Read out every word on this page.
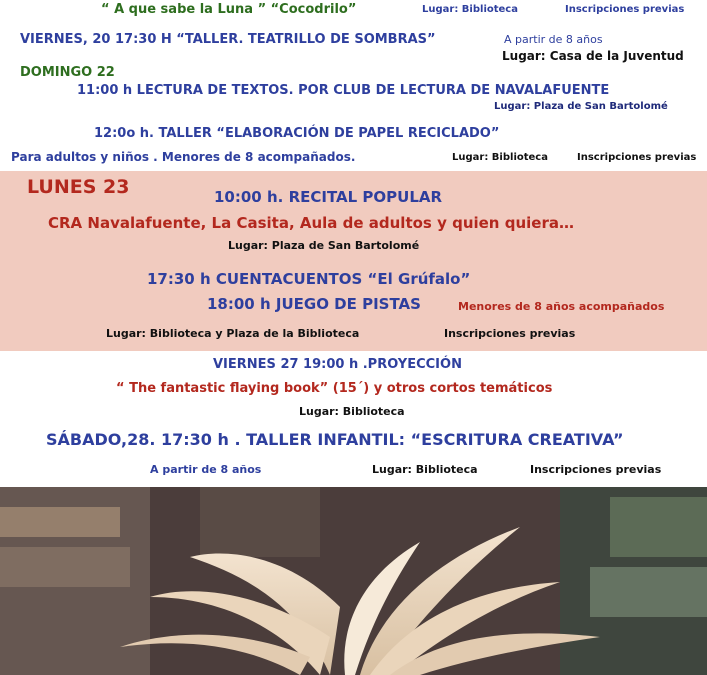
“ A que sabe la Luna ” “Cocodrilo”	Lugar: Biblioteca	Inscripciones previas
VIERNES, 20 17:30 H “TALLER. TEATRILLO DE SOMBRAS”	A partir de 8 años
Lugar: Casa de la Juventud
DOMINGO 22
11:00 h LECTURA DE TEXTOS. POR CLUB DE LECTURA DE NAVALAFUENTE
Lugar: Plaza de San Bartolomé
12:0o h. TALLER “ELABORACIÓN DE PAPEL RECICLADO”
Para adultos y niños . Menores de 8 acompañados.	Lugar: Biblioteca	Inscripciones previas
LUNES 23	10:00 h. RECITAL POPULAR
CRA Navalafuente, La Casita, Aula de adultos y quien quiera…
Lugar: Plaza de San Bartolomé
17:30 h CUENTACUENTOS “El Grúfalo”
18:00 h JUEGO DE PISTAS	Menores de 8 años acompañados
Lugar: Biblioteca y Plaza de la Biblioteca	Inscripciones previas
VIERNES 27 19:00 h .PROYECCIÓN
“ The fantastic flaying book” (15´) y otros cortos temáticos
Lugar: Biblioteca
SÁBADO,28. 17:30 h . TALLER INFANTIL: “ESCRITURA CREATIVA”
A partir de 8 años	Lugar: Biblioteca	Inscripciones previas
